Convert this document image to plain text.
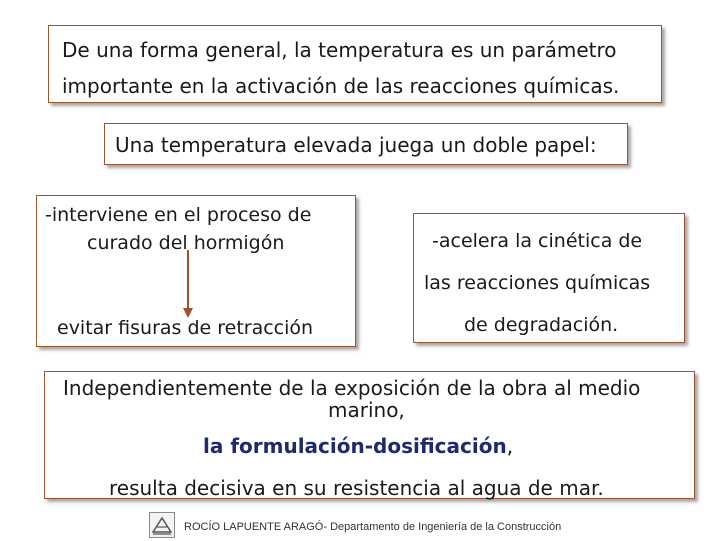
De una forma general, la temperatura es un parámetro
importante en la activación de las reacciones químicas.
Una temperatura elevada juega un doble papel:
-interviene en el proceso de
curado del hormigón
evitar fisuras de retracción
-acelera la cinética de
las reacciones químicas
de degradación.
Independientemente de la exposición de la obra al medio
marino,
la formulación-dosificación,
resulta decisiva en su resistencia al agua de mar.
ROCÍO LAPUENTE ARAGÓ- Departamento de Ingeniería de la Construcción
